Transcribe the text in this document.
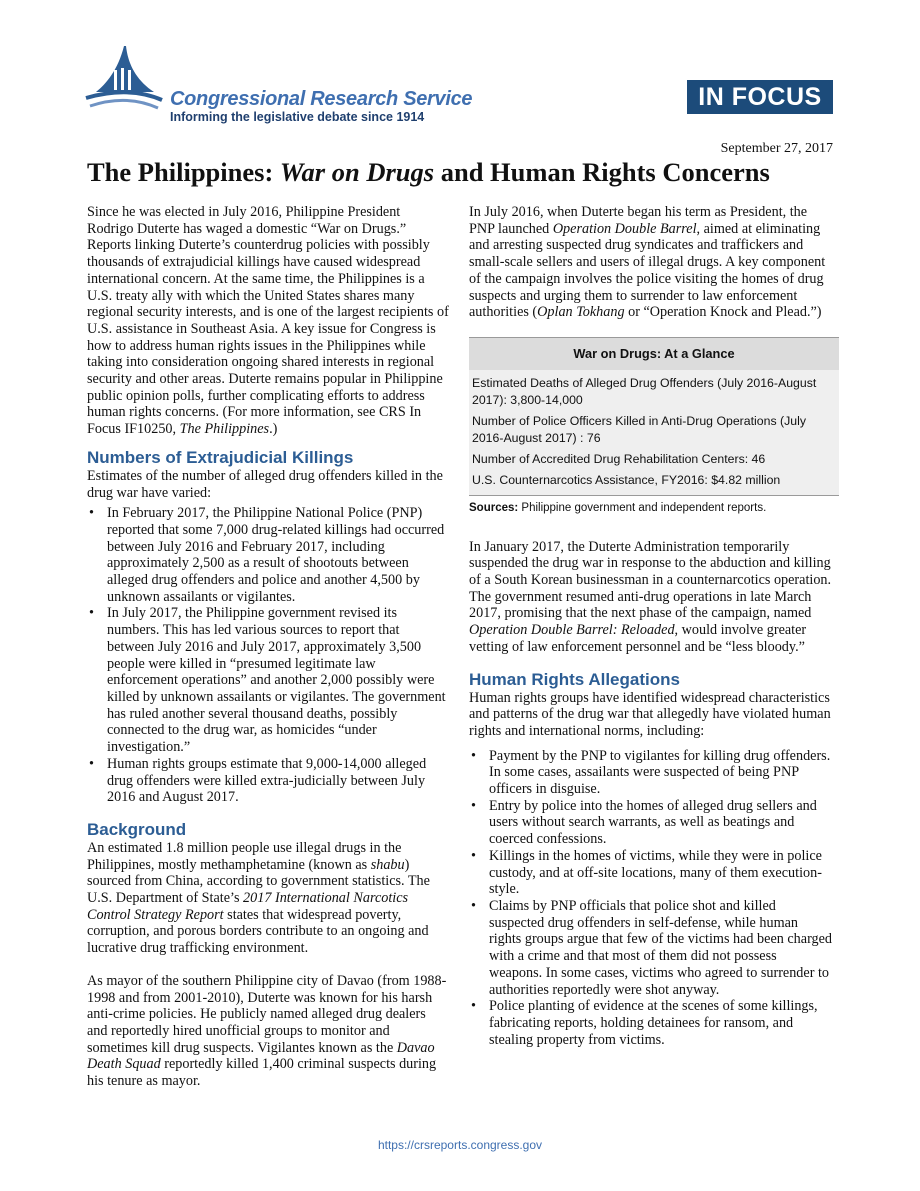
Congressional Research Service
Informing the legislative debate since 1914
IN FOCUS
September 27, 2017
The Philippines: War on Drugs and Human Rights Concerns

Since he was elected in July 2016, Philippine President Rodrigo Duterte has waged a domestic “War on Drugs.” Reports linking Duterte’s counterdrug policies with possibly thousands of extrajudicial killings have caused widespread international concern. At the same time, the Philippines is a U.S. treaty ally with which the United States shares many regional security interests, and is one of the largest recipients of U.S. assistance in Southeast Asia. A key issue for Congress is how to address human rights issues in the Philippines while taking into consideration ongoing shared interests in regional security and other areas. Duterte remains popular in Philippine public opinion polls, further complicating efforts to address human rights concerns. (For more information, see CRS In Focus IF10250, The Philippines.)

Numbers of Extrajudicial Killings

Estimates of the number of alleged drug offenders killed in the drug war have varied:

• In February 2017, the Philippine National Police (PNP) reported that some 7,000 drug-related killings had occurred between July 2016 and February 2017, including approximately 2,500 as a result of shootouts between alleged drug offenders and police and another 4,500 by unknown assailants or vigilantes.
• In July 2017, the Philippine government revised its numbers. This has led various sources to report that between July 2016 and July 2017, approximately 3,500 people were killed in “presumed legitimate law enforcement operations” and another 2,000 possibly were killed by unknown assailants or vigilantes. The government has ruled another several thousand deaths, possibly connected to the drug war, as homicides “under investigation.”
• Human rights groups estimate that 9,000-14,000 alleged drug offenders were killed extra-judicially between July 2016 and August 2017.
Background

An estimated 1.8 million people use illegal drugs in the Philippines, mostly methamphetamine (known as shabu) sourced from China, according to government statistics. The U.S. Department of State’s 2017 International Narcotics Control Strategy Report states that widespread poverty, corruption, and porous borders contribute to an ongoing and lucrative drug trafficking environment.

As mayor of the southern Philippine city of Davao (from 1988-1998 and from 2001-2010), Duterte was known for his harsh anti-crime policies. He publicly named alleged drug dealers and reportedly hired unofficial groups to monitor and sometimes kill drug suspects. Vigilantes known as the Davao Death Squad reportedly killed 1,400 criminal suspects during his tenure as mayor.

In July 2016, when Duterte began his term as President, the PNP launched Operation Double Barrel, aimed at eliminating and arresting suspected drug syndicates and traffickers and small-scale sellers and users of illegal drugs. A key component of the campaign involves the police visiting the homes of drug suspects and urging them to surrender to law enforcement authorities (Oplan Tokhang or “Operation Knock and Plead.”)

War on Drugs: At a Glance
Estimated Deaths of Alleged Drug Offenders (July 2016-August 2017): 3,800-14,000
Number of Police Officers Killed in Anti-Drug Operations (July 2016-August 2017) : 76
Number of Accredited Drug Rehabilitation Centers: 46
U.S. Counternarcotics Assistance, FY2016: $4.82 million
Sources: Philippine government and independent reports.

In January 2017, the Duterte Administration temporarily suspended the drug war in response to the abduction and killing of a South Korean businessman in a counternarcotics operation. The government resumed anti-drug operations in late March 2017, promising that the next phase of the campaign, named Operation Double Barrel: Reloaded, would involve greater vetting of law enforcement personnel and be “less bloody.”

Human Rights Allegations

Human rights groups have identified widespread characteristics and patterns of the drug war that allegedly have violated human rights and international norms, including:

• Payment by the PNP to vigilantes for killing drug offenders. In some cases, assailants were suspected of being PNP officers in disguise.
• Entry by police into the homes of alleged drug sellers and users without search warrants, as well as beatings and coerced confessions.
• Killings in the homes of victims, while they were in police custody, and at off-site locations, many of them execution-style.
• Claims by PNP officials that police shot and killed suspected drug offenders in self-defense, while human rights groups argue that few of the victims had been charged with a crime and that most of them did not possess weapons. In some cases, victims who agreed to surrender to authorities reportedly were shot anyway.
• Police planting of evidence at the scenes of some killings, fabricating reports, holding detainees for ransom, and stealing property from victims.
https://crsreports.congress.gov
